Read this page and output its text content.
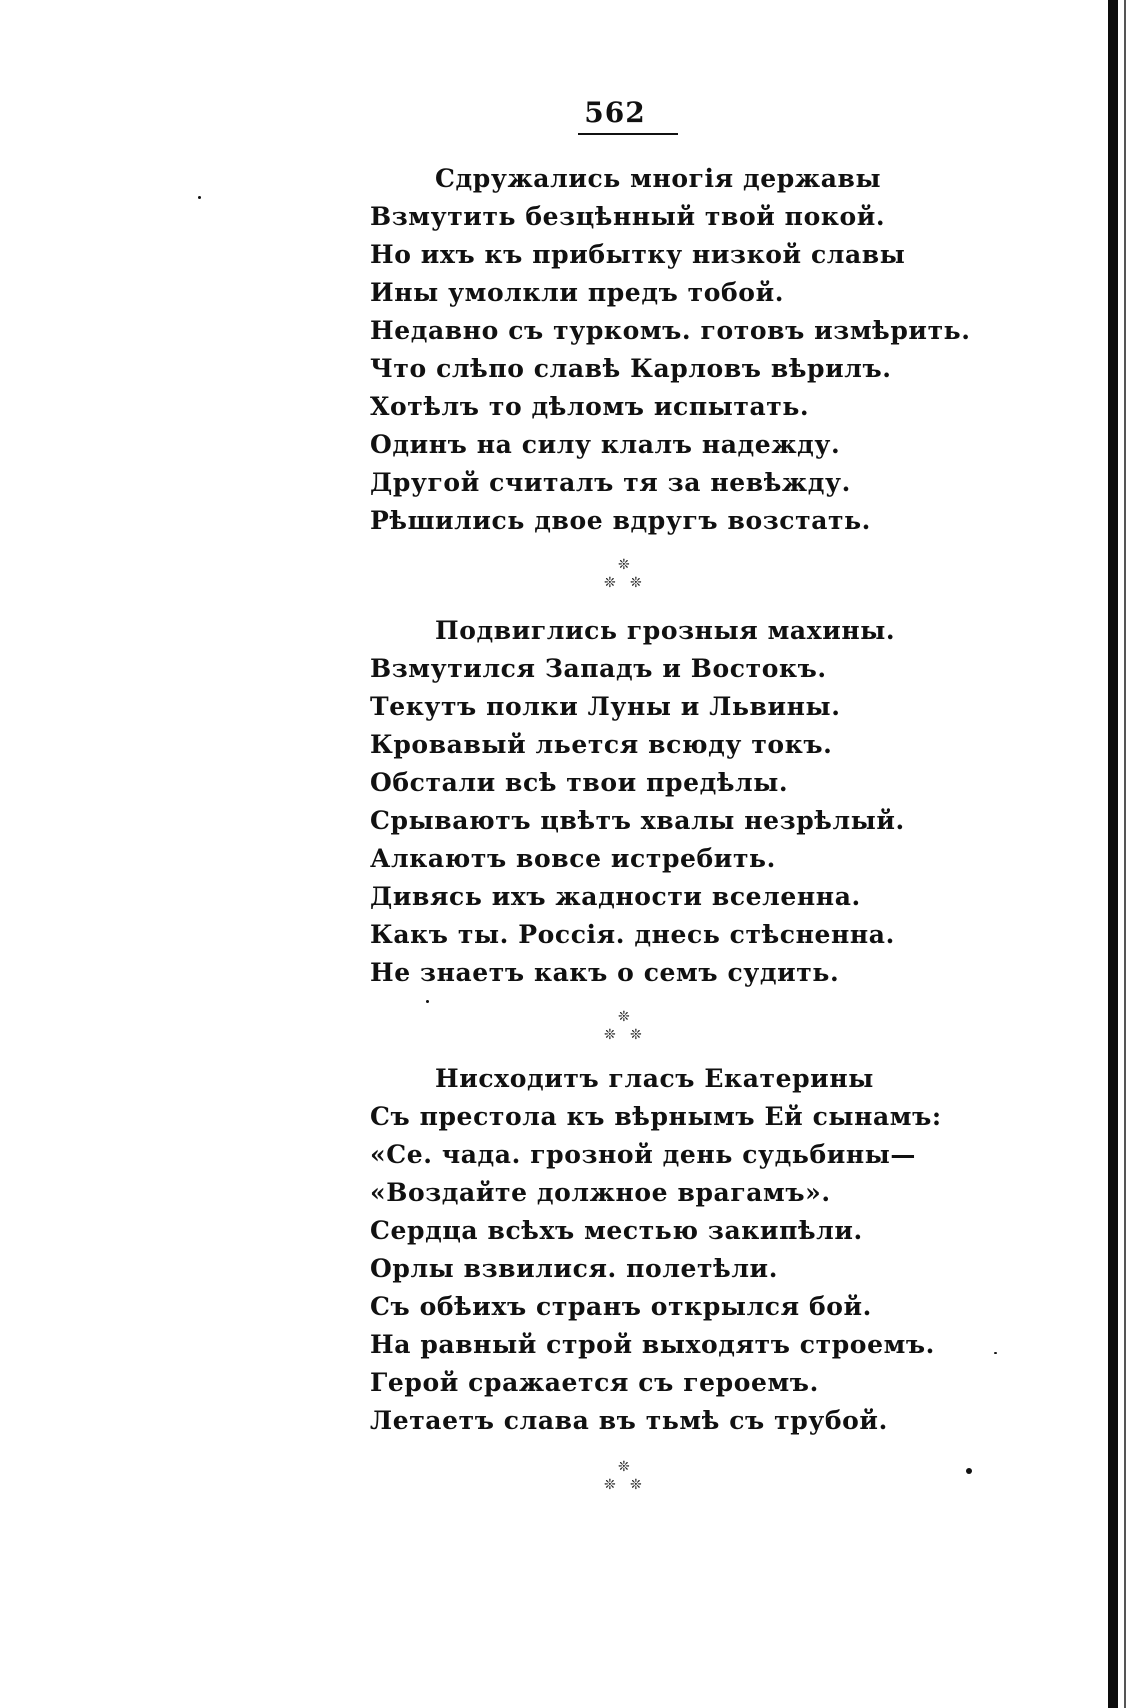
562
Сдружались многія державы
Взмутить безцѣнный твой покой.
Но ихъ къ прибытку низкой славы
Ины умолкли предъ тобой.
Недавно съ туркомъ. готовъ измѣрить.
Что слѣпо славѣ Карловъ вѣрилъ.
Хотѣлъ то дѣломъ испытать.
Одинъ на силу клалъ надежду.
Другой считалъ тя за невѣжду.
Рѣшились двое вдругъ возстать.
❊
❊ ❊
Подвиглись грозныя махины.
Взмутился Западъ и Востокъ.
Текутъ полки Луны и Львины.
Кровавый льется всюду токъ.
Обстали всѣ твои предѣлы.
Срываютъ цвѣтъ хвалы незрѣлый.
Алкаютъ вовсе истребить.
Дивясь ихъ жадности вселенна.
Какъ ты. Россія. днесь стѣсненна.
Не знаетъ какъ о семъ судить.
❊
❊ ❊
Нисходитъ гласъ Екатерины
Съ престола къ вѣрнымъ Ей сынамъ:
«Се. чада. грозной день судьбины—
«Воздайте должное врагамъ».
Сердца всѣхъ местью закипѣли.
Орлы взвилися. полетѣли.
Съ обѣихъ странъ открылся бой.
На равный строй выходятъ строемъ.
Герой сражается съ героемъ.
Летаетъ слава въ тьмѣ съ трубой.
❊
❊ ❊
